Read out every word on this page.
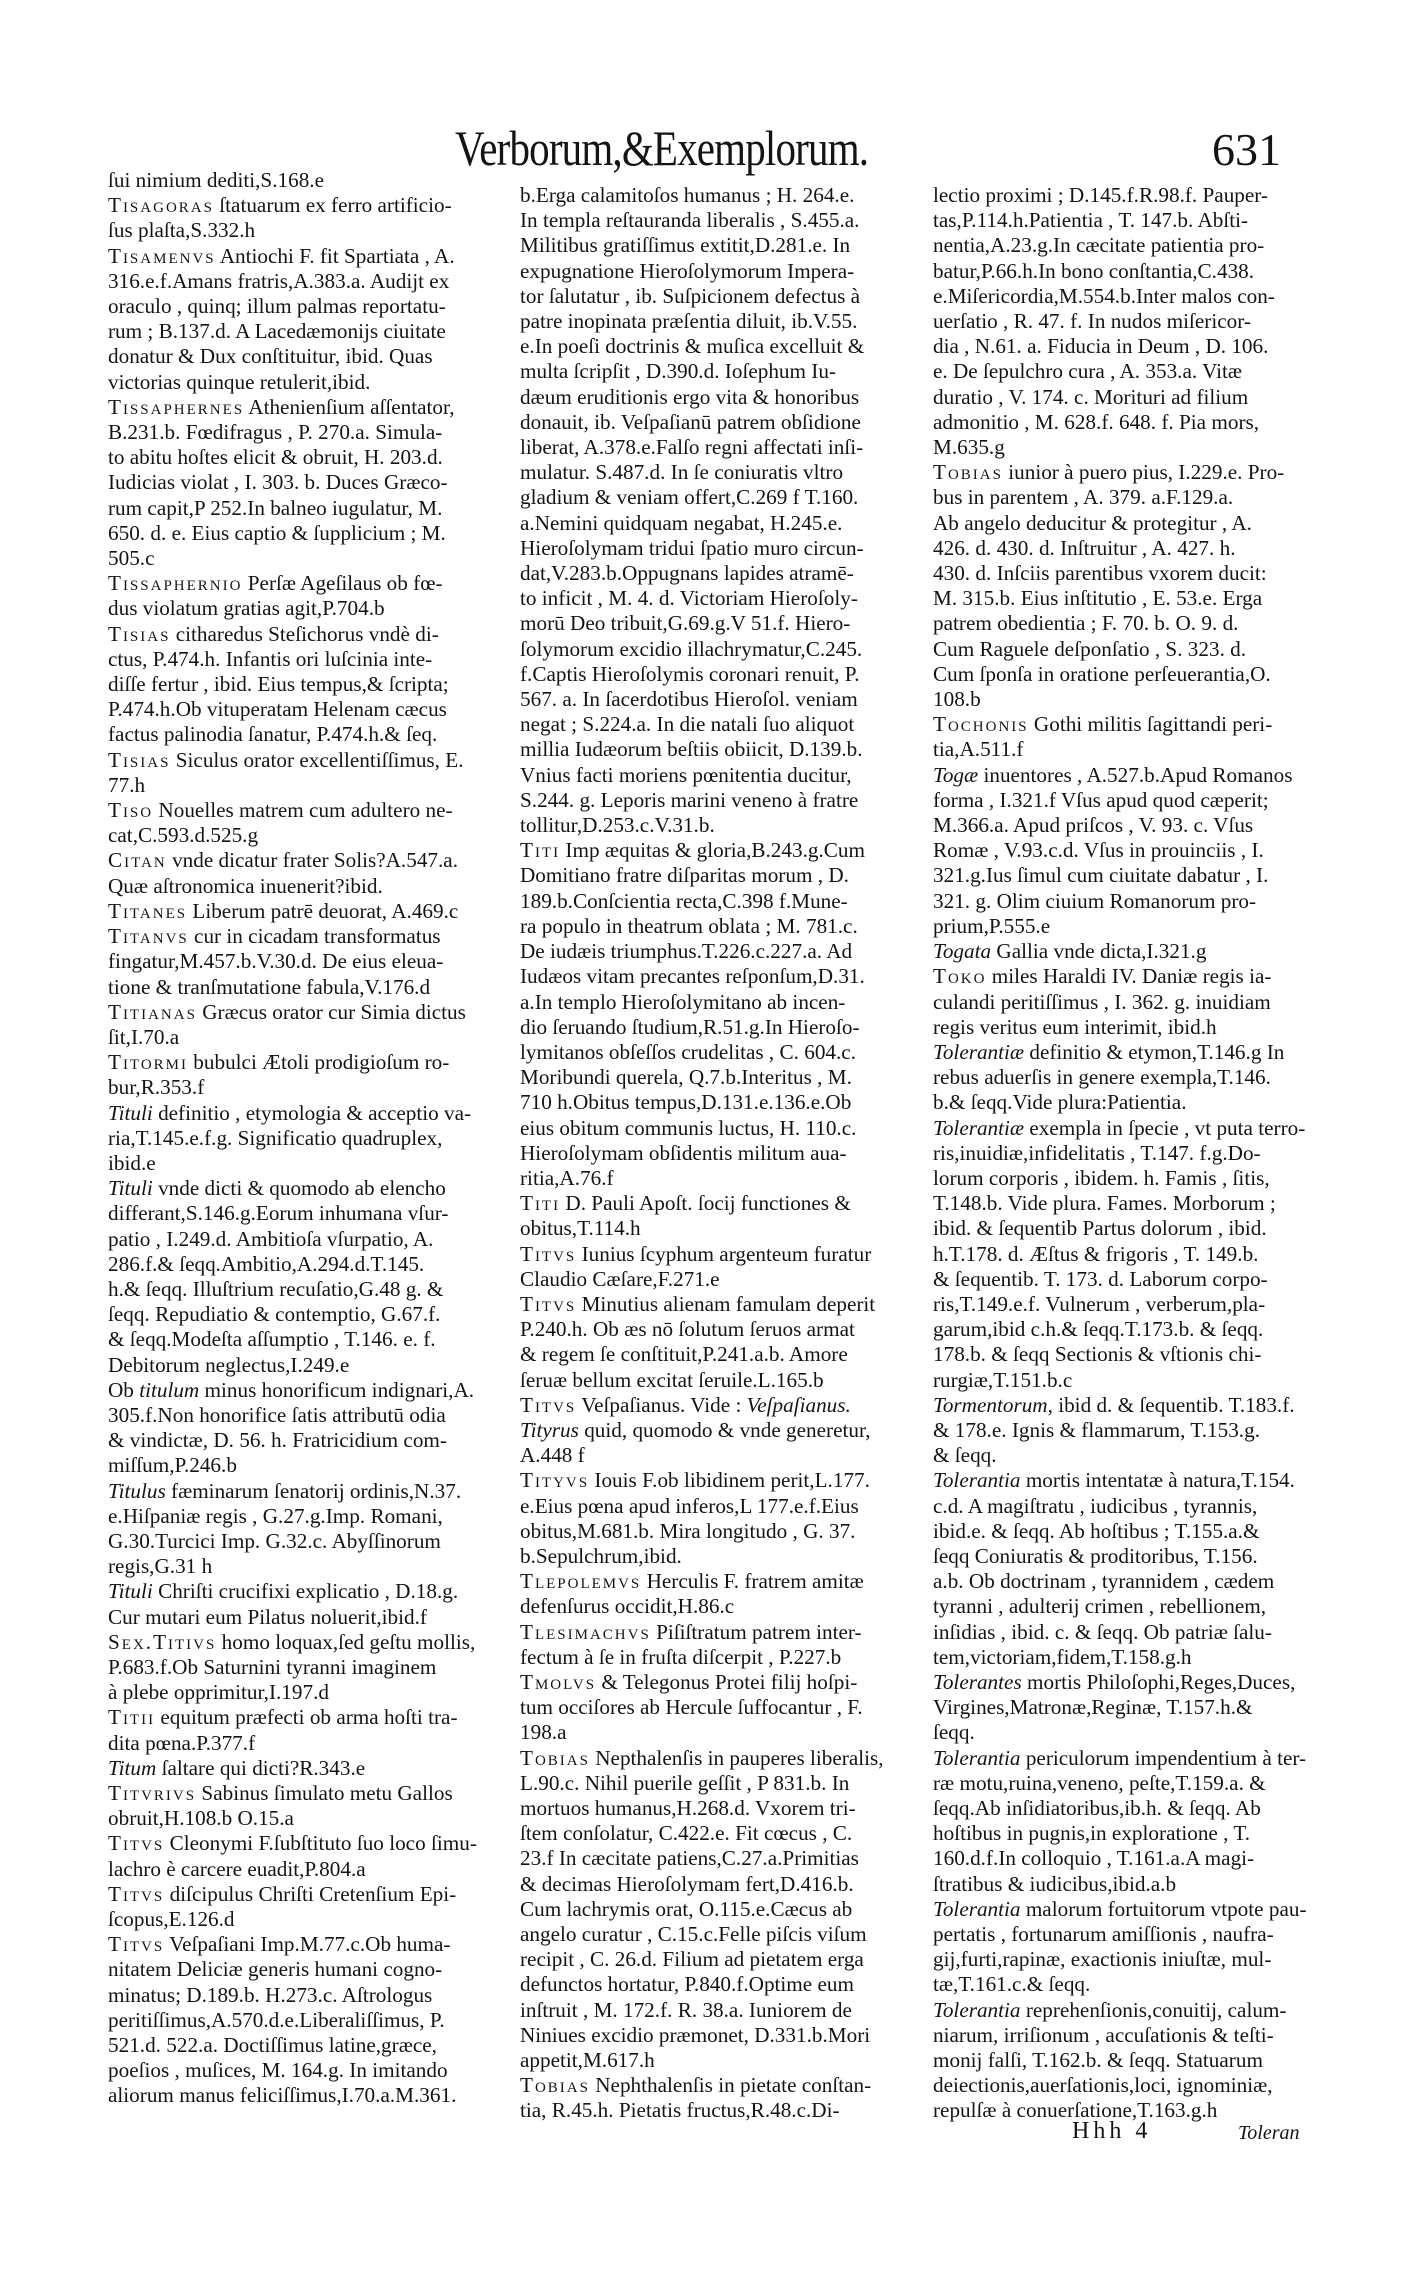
Verborum,&Exemplorum.	631
ſui nimium dediti,S.168.e
Tisagoras ſtatuarum ex ferro artificio-
ſus plaſta,S.332.h
Tisamenvs Antiochi F. fit Spartiata , A.
316.e.f.Amans fratris,A.383.a. Audijt ex
oraculo , quinq; illum palmas reportatu-
rum ; B.137.d. A Lacedæmonijs ciuitate
donatur & Dux conſtituitur, ibid. Quas
victorias quinque retulerit,ibid.
Tissaphernes Athenienſium aſſentator,
B.231.b. Fœdifragus , P. 270.a. Simula-
to abitu hoſtes elicit & obruit, H. 203.d.
Iudicias violat , I. 303. b. Duces Græco-
rum capit,P 252.In balneo iugulatur, M.
650. d. e. Eius captio & ſupplicium ; M.
505.c
Tissaphernio Perſæ Ageſilaus ob fœ-
dus violatum gratias agit,P.704.b
Tisias citharedus Steſichorus vndè di-
ctus, P.474.h. Infantis ori luſcinia inte-
diſſe fertur , ibid. Eius tempus,& ſcripta;
P.474.h.Ob vituperatam Helenam cæcus
factus palinodia ſanatur, P.474.h.& ſeq.
Tisias Siculus orator excellentiſſimus, E.
77.h
Tiso Nouelles matrem cum adultero ne-
cat,C.593.d.525.g
Citan vnde dicatur frater Solis?A.547.a.
Quæ aſtronomica inuenerit?ibid.
Titanes Liberum patrē deuorat, A.469.c
Titanvs cur in cicadam transformatus
fingatur,M.457.b.V.30.d. De eius eleua-
tione & tranſmutatione fabula,V.176.d
Titianas Græcus orator cur Simia dictus
ſit,I.70.a
Titormi bubulci Ætoli prodigioſum ro-
bur,R.353.f
Tituli definitio , etymologia & acceptio va-
ria,T.145.e.f.g. Significatio quadruplex,
ibid.e
Tituli vnde dicti & quomodo ab elencho
differant,S.146.g.Eorum inhumana vſur-
patio , I.249.d. Ambitioſa vſurpatio, A.
286.f.& ſeqq.Ambitio,A.294.d.T.145.
h.& ſeqq. Illuſtrium recuſatio,G.48 g. &
ſeqq. Repudiatio & contemptio, G.67.f.
& ſeqq.Modeſta aſſumptio , T.146. e. f.
Debitorum neglectus,I.249.e
Ob titulum minus honorificum indignari,A.
305.f.Non honorifice ſatis attributū odia
& vindictæ, D. 56. h. Fratricidium com-
miſſum,P.246.b
Titulus fæminarum ſenatorij ordinis,N.37.
e.Hiſpaniæ regis , G.27.g.Imp. Romani,
G.30.Turcici Imp. G.32.c. Abyſſinorum
regis,G.31 h
Tituli Chriſti crucifixi explicatio , D.18.g.
Cur mutari eum Pilatus noluerit,ibid.f
Sex.Titivs homo loquax,ſed geſtu mollis,
P.683.f.Ob Saturnini tyranni imaginem
à plebe opprimitur,I.197.d
Titii equitum præfecti ob arma hoſti tra-
dita pœna.P.377.f
Titum ſaltare qui dicti?R.343.e
Titvrivs Sabinus ſimulato metu Gallos
obruit,H.108.b O.15.a
Titvs Cleonymi F.ſubſtituto ſuo loco ſimu-
lachro è carcere euadit,P.804.a
Titvs diſcipulus Chriſti Cretenſium Epi-
ſcopus,E.126.d
Titvs Veſpaſiani Imp.M.77.c.Ob huma-
nitatem Deliciæ generis humani cogno-
minatus; D.189.b. H.273.c. Aſtrologus
peritiſſimus,A.570.d.e.Liberaliſſimus, P.
521.d. 522.a. Doctiſſimus latine,græce,
poeſios , muſices, M. 164.g. In imitando
aliorum manus feliciſſimus,I.70.a.M.361.
b.Erga calamitoſos humanus ; H. 264.e.
In templa reſtauranda liberalis , S.455.a.
Militibus gratiſſimus extitit,D.281.e. In
expugnatione Hieroſolymorum Impera-
tor ſalutatur , ib. Suſpicionem defectus à
patre inopinata præſentia diluit, ib.V.55.
e.In poeſi doctrinis & muſica excelluit &
multa ſcripſit , D.390.d. Ioſephum Iu-
dæum eruditionis ergo vita & honoribus
donauit, ib. Veſpaſianū patrem obſidione
liberat, A.378.e.Falſo regni affectati inſi-
mulatur. S.487.d. In ſe coniuratis vltro
gladium & veniam offert,C.269 f T.160.
a.Nemini quidquam negabat, H.245.e.
Hieroſolymam tridui ſpatio muro circun-
dat,V.283.b.Oppugnans lapides atramē-
to inficit , M. 4. d. Victoriam Hieroſoly-
morū Deo tribuit,G.69.g.V 51.f. Hiero-
ſolymorum excidio illachrymatur,C.245.
f.Captis Hieroſolymis coronari renuit, P.
567. a. In ſacerdotibus Hieroſol. veniam
negat ; S.224.a. In die natali ſuo aliquot
millia Iudæorum beſtiis obiicit, D.139.b.
Vnius facti moriens pœnitentia ducitur,
S.244. g. Leporis marini veneno à fratre
tollitur,D.253.c.V.31.b.
Titi Imp æquitas & gloria,B.243.g.Cum
Domitiano fratre diſparitas morum , D.
189.b.Conſcientia recta,C.398 f.Mune-
ra populo in theatrum oblata ; M. 781.c.
De iudæis triumphus.T.226.c.227.a. Ad
Iudæos vitam precantes reſponſum,D.31.
a.In templo Hieroſolymitano ab incen-
dio ſeruando ſtudium,R.51.g.In Hieroſo-
lymitanos obſeſſos crudelitas , C. 604.c.
Moribundi querela, Q.7.b.Interitus , M.
710 h.Obitus tempus,D.131.e.136.e.Ob
eius obitum communis luctus, H. 110.c.
Hieroſolymam obſidentis militum aua-
ritia,A.76.f
Titi D. Pauli Apoſt. ſocij functiones &
obitus,T.114.h
Titvs Iunius ſcyphum argenteum furatur
Claudio Cæſare,F.271.e
Titvs Minutius alienam famulam deperit
P.240.h. Ob æs nō ſolutum ſeruos armat
& regem ſe conſtituit,P.241.a.b. Amore
ſeruæ bellum excitat ſeruile.L.165.b
Titvs Veſpaſianus. Vide : Veſpaſianus.
Tityrus quid, quomodo & vnde generetur,
A.448 f
Tityvs Iouis F.ob libidinem perit,L.177.
e.Eius pœna apud inferos,L 177.e.f.Eius
obitus,M.681.b. Mira longitudo , G. 37.
b.Sepulchrum,ibid.
Tlepolemvs Herculis F. fratrem amitæ
defenſurus occidit,H.86.c
Tlesimachvs Piſiſtratum patrem inter-
fectum à ſe in fruſta diſcerpit , P.227.b
Tmolvs & Telegonus Protei filij hoſpi-
tum occiſores ab Hercule ſuffocantur , F.
198.a
Tobias Nepthalenſis in pauperes liberalis,
L.90.c. Nihil puerile geſſit , P 831.b. In
mortuos humanus,H.268.d. Vxorem tri-
ſtem conſolatur, C.422.e. Fit cœcus , C.
23.f In cæcitate patiens,C.27.a.Primitias
& decimas Hieroſolymam fert,D.416.b.
Cum lachrymis orat, O.115.e.Cæcus ab
angelo curatur , C.15.c.Felle piſcis viſum
recipit , C. 26.d. Filium ad pietatem erga
defunctos hortatur, P.840.f.Optime eum
inſtruit , M. 172.f. R. 38.a. Iuniorem de
Niniues excidio præmonet, D.331.b.Mori
appetit,M.617.h
Tobias Nephthalenſis in pietate conſtan-
tia, R.45.h. Pietatis fructus,R.48.c.Di-
lectio proximi ; D.145.f.R.98.f. Pauper-
tas,P.114.h.Patientia , T. 147.b. Abſti-
nentia,A.23.g.In cæcitate patientia pro-
batur,P.66.h.In bono conſtantia,C.438.
e.Miſericordia,M.554.b.Inter malos con-
uerſatio , R. 47. f. In nudos miſericor-
dia , N.61. a. Fiducia in Deum , D. 106.
e. De ſepulchro cura , A. 353.a. Vitæ
duratio , V. 174. c. Morituri ad filium
admonitio , M. 628.f. 648. f. Pia mors,
M.635.g
Tobias iunior à puero pius, I.229.e. Pro-
bus in parentem , A. 379. a.F.129.a.
Ab angelo deducitur & protegitur , A.
426. d. 430. d. Inſtruitur , A. 427. h.
430. d. Inſciis parentibus vxorem ducit:
M. 315.b. Eius inſtitutio , E. 53.e. Erga
patrem obedientia ; F. 70. b. O. 9. d.
Cum Raguele deſponſatio , S. 323. d.
Cum ſponſa in oratione perſeuerantia,O.
108.b
Tochonis Gothi militis ſagittandi peri-
tia,A.511.f
Togæ inuentores , A.527.b.Apud Romanos
forma , I.321.f Vſus apud quod cæperit;
M.366.a. Apud priſcos , V. 93. c. Vſus
Romæ , V.93.c.d. Vſus in prouinciis , I.
321.g.Ius ſimul cum ciuitate dabatur , I.
321. g. Olim ciuium Romanorum pro-
prium,P.555.e
Togata Gallia vnde dicta,I.321.g
Toko miles Haraldi IV. Daniæ regis ia-
culandi peritiſſimus , I. 362. g. inuidiam
regis veritus eum interimit, ibid.h
Tolerantiæ definitio & etymon,T.146.g In
rebus aduerſis in genere exempla,T.146.
b.& ſeqq.Vide plura:Patientia.
Tolerantiæ exempla in ſpecie , vt puta terro-
ris,inuidiæ,infidelitatis , T.147. f.g.Do-
lorum corporis , ibidem. h. Famis , ſitis,
T.148.b. Vide plura. Fames. Morborum ;
ibid. & ſequentib Partus dolorum , ibid.
h.T.178. d. Æſtus & frigoris , T. 149.b.
& ſequentib. T. 173. d. Laborum corpo-
ris,T.149.e.f. Vulnerum , verberum,pla-
garum,ibid c.h.& ſeqq.T.173.b. & ſeqq.
178.b. & ſeqq Sectionis & vſtionis chi-
rurgiæ,T.151.b.c
Tormentorum, ibid d. & ſequentib. T.183.f.
& 178.e. Ignis & flammarum, T.153.g.
& ſeqq.
Tolerantia mortis intentatæ à natura,T.154.
c.d. A magiſtratu , iudicibus , tyrannis,
ibid.e. & ſeqq. Ab hoſtibus ; T.155.a.&
ſeqq Coniuratis & proditoribus, T.156.
a.b. Ob doctrinam , tyrannidem , cædem
tyranni , adulterij crimen , rebellionem,
inſidias , ibid. c. & ſeqq. Ob patriæ ſalu-
tem,victoriam,fidem,T.158.g.h
Tolerantes mortis Philoſophi,Reges,Duces,
Virgines,Matronæ,Reginæ, T.157.h.&
ſeqq.
Tolerantia periculorum impendentium à ter-
ræ motu,ruina,veneno, peſte,T.159.a. &
ſeqq.Ab inſidiatoribus,ib.h. & ſeqq. Ab
hoſtibus in pugnis,in exploratione , T.
160.d.f.In colloquio , T.161.a.A magi-
ſtratibus & iudicibus,ibid.a.b
Tolerantia malorum fortuitorum vtpote pau-
pertatis , fortunarum amiſſionis , naufra-
gij,furti,rapinæ, exactionis iniuſtæ, mul-
tæ,T.161.c.& ſeqq.
Tolerantia reprehenſionis,conuitij, calum-
niarum, irriſionum , accuſationis & teſti-
monij falſi, T.162.b. & ſeqq. Statuarum
deiectionis,auerſationis,loci, ignominiæ,
repulſæ à conuerſatione,T.163.g.h
Hhh 4	Toleran
